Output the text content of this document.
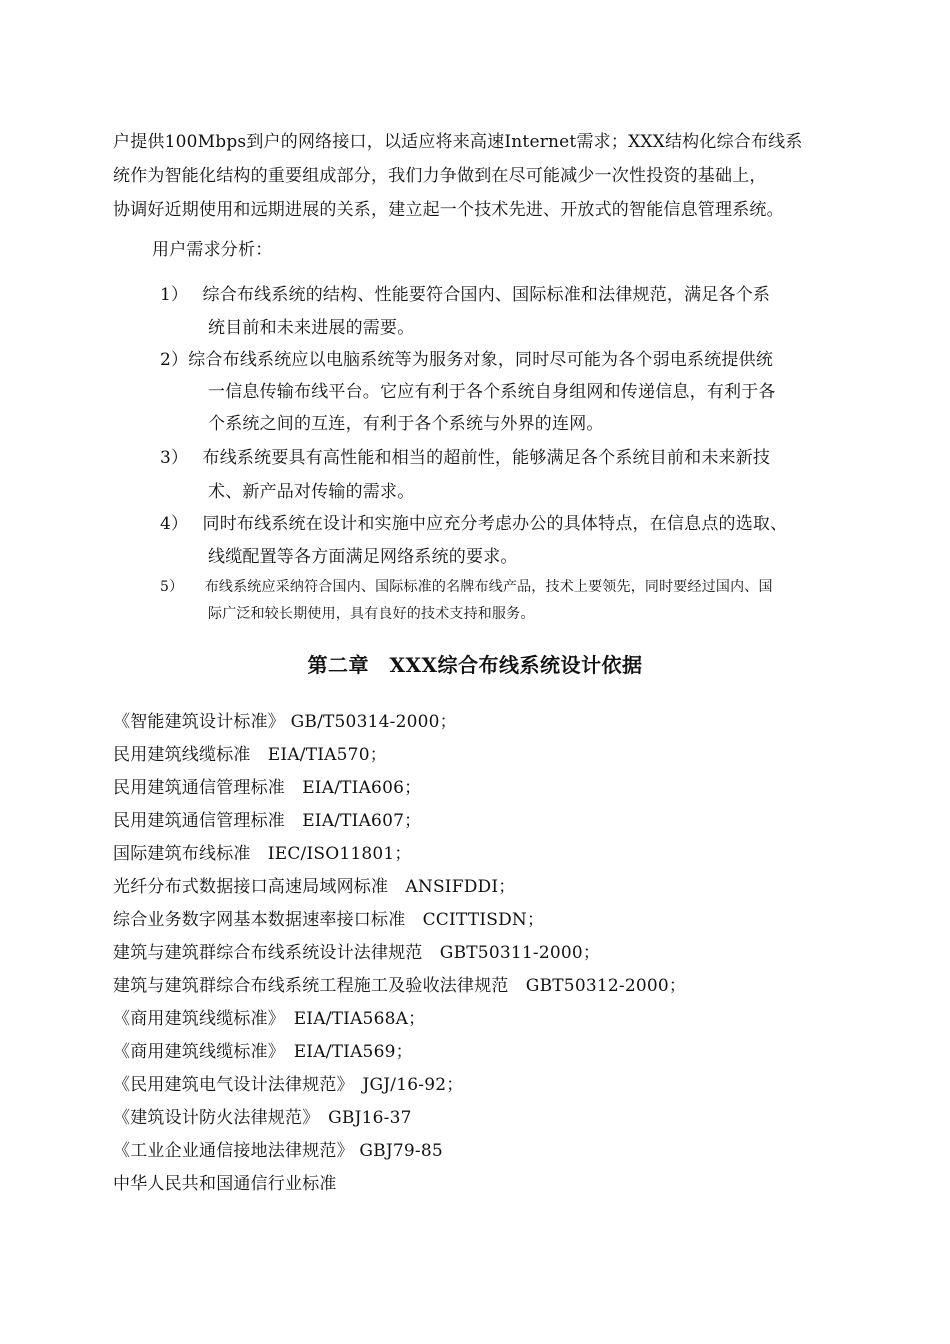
户提供100Mbps到户的网络接口，以适应将来高速Internet需求；XXX结构化综合布线系
统作为智能化结构的重要组成部分，我们力争做到在尽可能减少一次性投资的基础上，
协调好近期使用和远期进展的关系，建立起一个技术先进、开放式的智能信息管理系统。
用户需求分析：
1）　 综合布线系统的结构、性能要符合国内、国际标准和法律规范，满足各个系
统目前和未来进展的需要。
2）综合布线系统应以电脑系统等为服务对象，同时尽可能为各个弱电系统提供统
一信息传输布线平台。它应有利于各个系统自身组网和传递信息，有利于各
个系统之间的互连，有利于各个系统与外界的连网。
3）　 布线系统要具有高性能和相当的超前性，能够满足各个系统目前和未来新技
术、新产品对传输的需求。
4）　 同时布线系统在设计和实施中应充分考虑办公的具体特点，在信息点的选取、
线缆配置等各方面满足网络系统的要求。
5）　　布线系统应采纳符合国内、国际标准的名牌布线产品，技术上要领先，同时要经过国内、国
际广泛和较长期使用，具有良好的技术支持和服务。
第二章　XXX综合布线系统设计依据
《智能建筑设计标准》 GB/T50314-2000；
民用建筑线缆标准　EIA/TIA570；
民用建筑通信管理标准　EIA/TIA606；
民用建筑通信管理标准　EIA/TIA607；
国际建筑布线标准　IEC/ISO11801；
光纤分布式数据接口高速局域网标准　ANSIFDDI；
综合业务数字网基本数据速率接口标准　CCITTISDN；
建筑与建筑群综合布线系统设计法律规范　GBT50311-2000；
建筑与建筑群综合布线系统工程施工及验收法律规范　GBT50312-2000；
《商用建筑线缆标准》　EIA/TIA568A；
《商用建筑线缆标准》　EIA/TIA569；
《民用建筑电气设计法律规范》　JGJ/16-92；
《建筑设计防火法律规范》　GBJ16-37
《工业企业通信接地法律规范》 GBJ79-85
中华人民共和国通信行业标准
